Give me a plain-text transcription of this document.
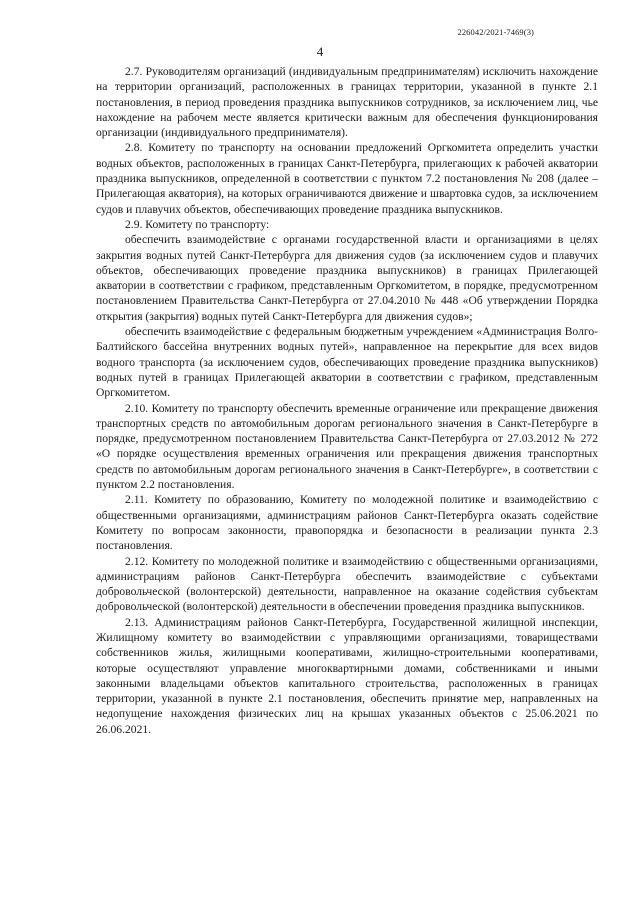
226042/2021-7469(3)
4

2.7. Руководителям организаций (индивидуальным предпринимателям) исключить нахождение на территории организаций, расположенных в границах территории, указанной в пункте 2.1 постановления, в период проведения праздника выпускников сотрудников, за исключением лиц, чье нахождение на рабочем месте является критически важным для обеспечения функционирования организации (индивидуального предпринимателя).

2.8. Комитету по транспорту на основании предложений Оргкомитета определить участки водных объектов, расположенных в границах Санкт-Петербурга, прилегающих к рабочей акватории праздника выпускников, определенной в соответствии с пунктом 7.2 постановления № 208 (далее – Прилегающая акватория), на которых ограничиваются движение и швартовка судов, за исключением судов и плавучих объектов, обеспечивающих проведение праздника выпускников.

2.9. Комитету по транспорту:

обеспечить взаимодействие с органами государственной власти и организациями в целях закрытия водных путей Санкт-Петербурга для движения судов (за исключением судов и плавучих объектов, обеспечивающих проведение праздника выпускников) в границах Прилегающей акватории в соответствии с графиком, представленным Оргкомитетом, в порядке, предусмотренном постановлением Правительства Санкт-Петербурга от 27.04.2010 № 448 «Об утверждении Порядка открытия (закрытия) водных путей Санкт-Петербурга для движения судов»;

обеспечить взаимодействие с федеральным бюджетным учреждением «Администрация Волго-Балтийского бассейна внутренних водных путей», направленное на перекрытие для всех видов водного транспорта (за исключением судов, обеспечивающих проведение праздника выпускников) водных путей в границах Прилегающей акватории в соответствии с графиком, представленным Оргкомитетом.

2.10. Комитету по транспорту обеспечить временные ограничение или прекращение движения транспортных средств по автомобильным дорогам регионального значения в Санкт-Петербурге в порядке, предусмотренном постановлением Правительства Санкт-Петербурга от 27.03.2012 № 272 «О порядке осуществления временных ограничения или прекращения движения транспортных средств по автомобильным дорогам регионального значения в Санкт-Петербурге», в соответствии с пунктом 2.2 постановления.

2.11. Комитету по образованию, Комитету по молодежной политике и взаимодействию с общественными организациями, администрациям районов Санкт-Петербурга оказать содействие Комитету по вопросам законности, правопорядка и безопасности в реализации пункта 2.3 постановления.

2.12. Комитету по молодежной политике и взаимодействию с общественными организациями, администрациям районов Санкт-Петербурга обеспечить взаимодействие с субъектами добровольческой (волонтерской) деятельности, направленное на оказание содействия субъектам добровольческой (волонтерской) деятельности в обеспечении проведения праздника выпускников.

2.13. Администрациям районов Санкт-Петербурга, Государственной жилищной инспекции, Жилищному комитету во взаимодействии с управляющими организациями, товариществами собственников жилья, жилищными кооперативами, жилищно-строительными кооперативами, которые осуществляют управление многоквартирными домами, собственниками и иными законными владельцами объектов капитального строительства, расположенных в границах территории, указанной в пункте 2.1 постановления, обеспечить принятие мер, направленных на недопущение нахождения физических лиц на крышах указанных объектов с 25.06.2021 по 26.06.2021.
